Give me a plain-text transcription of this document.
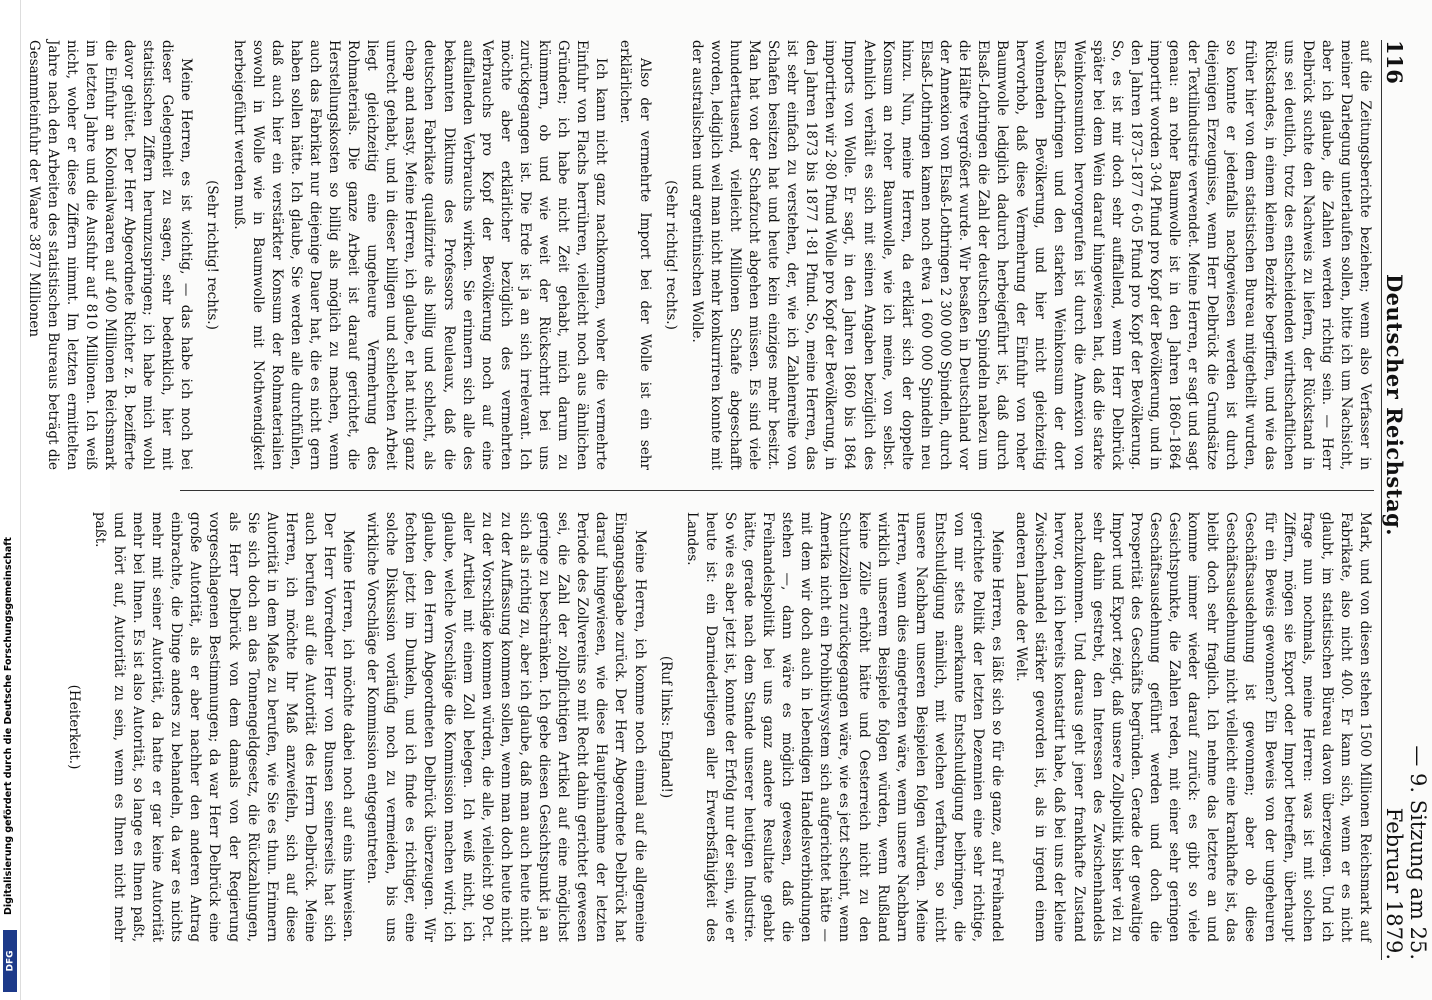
116
Deutscher Reichstag.
— 9. Sitzung am 25. Februar 1879.

auf die Zeitungsberichte beziehen; wenn also Verfasser in meiner Darlegung unterlaufen sollen, bitte ich um Nachsicht, aber ich glaube, die Zahlen werden richtig sein. — Herr Delbrück suchte den Nachweis zu liefern, der Rückstand in uns sei deutlich, trotz des entscheidenden wirthschaftlichen Rückstandes, in einem kleinen Bezirke begriffen, und wie das früher hier von dem statistischen Bureau mitgetheilt wurden, so konnte er jedenfalls nachgewiesen werden ist durch diejenigen Erzeugnisse, wenn Herr Delbrück die Grundsätze der Textilindustrie verwendet. Meine Herren, er sagt und sagt genau: an roher Baumwolle ist in den Jahren 1860–1864 importirt worden 3·04 Pfund pro Kopf der Bevölkerung, und in den Jahren 1873–1877 6·05 Pfund pro Kopf der Bevölkerung. So, es ist mir doch sehr auffallend, wenn Herr Delbrück später bei dem Wein darauf hingewiesen hat, daß die starke Weinkonsumtion hervorgerufen ist durch die Annexion von Elsaß-Lothringen und den starken Weinkonsum der dort wohnenden Bevölkerung, und hier nicht gleichzeitig hervorhob, daß diese Vermehrung der Einfuhr von roher Baumwolle lediglich dadurch herbeigeführt ist, daß durch Elsaß-Lothringen die Zahl der deutschen Spindeln nahezu um die Hälfte vergrößert wurde. Wir besaßen in Deutschland vor der Annexion von Elsaß-Lothringen 2 300 000 Spindeln, durch Elsaß-Lothringen kamen noch etwa 1 600 000 Spindeln neu hinzu. Nun, meine Herren, da erklärt sich der doppelte Konsum an roher Baumwolle, wie ich meine, von selbst. Aehnlich verhält es sich mit seinen Angaben bezüglich des Imports von Wolle. Er sagt, in den Jahren 1860 bis 1864 importirten wir 2·80 Pfund Wolle pro Kopf der Bevölkerung, in den Jahren 1873 bis 1877 1·81 Pfund. So, meine Herren, das ist sehr einfach zu verstehen, der, wie ich Zahlenreihe von Schafen besitzen hat und heute kein einziges mehr besitzt. Man hat von der Schafzucht abgehen müssen. Es sind viele hunderttausend, vielleicht Millionen Schafe abgeschafft worden, lediglich weil man nicht mehr konkurriren konnte mit der australischen und argentinischen Wolle.

(Sehr richtig! rechts.)

Also der vermehrte Import bei der Wolle ist ein sehr erklärlicher.

Ich kann nicht ganz nachkommen, woher die vermehrte Einfuhr von Flachs herrühren, vielleicht noch aus ähnlichen Gründen; ich habe nicht Zeit gehabt, mich darum zu kümmern, ob und wie weit der Rückschritt bei uns zurückgegangen ist. Die Erde ist ja an sich irrelevant. Ich möchte aber erklärlicher bezüglich des vermehrten Verbrauchs pro Kopf der Bevölkerung noch auf eine auffallenden Verbrauchs wirken. Sie erinnern sich alle des bekannten Diktums des Professors Reuleaux, daß die deutschen Fabrikate qualifizirte als billig und schlecht, als cheap and nasty. Meine Herren, ich glaube, er hat nicht ganz unrecht gehabt, und in dieser billigen und schlechten Arbeit liegt gleichzeitig eine ungeheure Vermehrung des Rohmaterials. Die ganze Arbeit ist darauf gerichtet, die Herstellungskosten so billig als möglich zu machen, wenn auch das Fabrikat nur diejenige Dauer hat, die es nicht gern haben sollen hätte. Ich glaube, Sie werden alle durchfühlen, daß auch hier ein verstärkter Konsum der Rohmaterialien sowohl in Wolle wie in Baumwolle mit Nothwendigkeit herbeigeführt werden muß.

(Sehr richtig! rechts.)

Meine Herren, es ist wichtig, — das habe ich noch bei dieser Gelegenheit zu sagen, sehr bedenklich, hier mit statistischen Ziffern herumzuspringen; ich habe mich wohl davor gehütet. Der Herr Abgeordnete Richter z. B. bezifferte die Einfuhr an Kolonialwaaren auf 400 Millionen Reichsmark im letzten Jahre und die Ausfuhr auf 810 Millionen. Ich weiß nicht, woher er diese Ziffern nimmt. Im letzten ermittelten Jahre nach den Arbeiten des statistischen Bureaus beträgt die Gesammteinfuhr der Waare 3877 Millionen

Mark, und von diesen stehen 1500 Millionen Reichsmark auf Fabrikate, also nicht 400. Er kann sich, wenn er es nicht glaubt, im statistischen Büreau davon überzeugen. Und ich frage nun nochmals, meine Herren: was ist mit solchen Ziffern, mögen sie Export oder Import betreffen, überhaupt für ein Beweis gewonnen? Ein Beweis von der ungeheuren Geschäftsausdehnung ist gewonnen; aber ob diese Geschäftsausdehnung nicht vielleicht eine krankhafte ist, das bleibt doch sehr fraglich. Ich nehme das letztere an und komme immer wieder darauf zurück: es gibt so viele Gesichtspunkte, die Zahlen reden, mit einer sehr geringen Geschäftsausdehnung geführt werden und doch die Prosperität des Geschäfts begründen. Gerade der gewaltige Import und Export zeigt, daß unsere Zollpolitik bisher viel zu sehr dahin gestrebt, den Interessen des Zwischenhandels nachzukommen. Und daraus geht jener frankhafte Zustand hervor, den ich bereits konstatirt habe, daß bei uns der kleine Zwischenhandel stärker geworden ist, als in irgend einem anderen Lande der Welt.

Meine Herren, es läßt sich so für die ganze, auf Freihandel gerichtete Politik der letzten Dezennien eine sehr richtige, von mir stets anerkannte Entschuldigung beibringen, die Entschuldigung nämlich, mit welchen verfahren, so nicht unsere Nachbarn unseren Beispielen folgen würden. Meine Herren, wenn dies eingetreten wäre, wenn unsere Nachbarn wirklich unserem Beispiele folgen würden, wenn Rußland keine Zölle erhöht hätte und Oesterreich nicht zu den Schutzzöllen zurückgegangen wäre, wie es jetzt scheint, wenn Amerika nicht ein Prohibitivsystem sich aufgerichtet hätte — mit dem wir doch auch in lebendigen Handelsverbindungen stehen —, dann wäre es möglich gewesen, daß die Freihandelspolitik bei uns ganz andere Resultate gehabt hätte, gerade nach dem Stande unserer heutigen Industrie. So wie es aber jetzt ist, konnte der Erfolg nur der sein, wie er heute ist: ein Darniederliegen aller Erwerbsfähigkeit des Landes.

(Ruf links: England!)

Meine Herren, ich komme noch einmal auf die allgemeine Eingangsabgabe zurück. Der Herr Abgeordnete Delbrück hat darauf hingewiesen, wie diese Haupteinnahme der letzten Periode des Zollvereins so mit Recht dahin gerichtet gewesen sei, die Zahl der zollpflichtigen Artikel auf eine möglichst geringe zu beschränken. Ich gebe diesen Gesichtspunkt ja an sich als richtig zu, aber ich glaube, daß man auch heute nicht zu der Auffassung kommen sollen, wenn man doch heute nicht zu der Vorschläge kommen würden, die alle, vielleicht 90 Pct. aller Artikel mit einem Zoll belegen. Ich weiß nicht, ich glaube, welche Vorschläge die Kommission machen wird; ich glaube, den Herrn Abgeordneten Delbrück überzeugen. Wir fechten jetzt im Dunkeln, und ich finde es richtiger, eine solche Diskussion vorläufig noch zu vermeiden, bis uns wirkliche Vorschläge der Kommission entgegentreten.

Meine Herren, ich möchte dabei noch auf eins hinweisen. Der Herr Vorredner Herr von Bunsen seinerseits hat sich auch berufen auf die Autorität des Herrn Delbrück. Meine Herren, ich möchte Ihr Maß anzweifeln, sich auf diese Autorität in dem Maße zu berufen, wie Sie es thun. Erinnern Sie sich doch an das Tonnengeldgesetz, die Rückzahlungen, als Herr Delbrück von dem damals von der Regierung vorgeschlagenen Bestimmungen; da war Herr Delbrück eine große Autorität, als er aber nachher den anderen Antrag einbrachte, die Dinge anders zu behandeln, da war es nichts mehr mit seiner Autorität, da hatte er gar keine Autorität mehr bei Ihnen. Es ist also Autorität, so lange es Ihnen paßt, und hört auf, Autorität zu sein, wenn es Ihnen nicht mehr paßt.

(Heiterkeit.)

Digitalisierung gefördert durch die Deutsche Forschungsgemeinschaft
DFG
